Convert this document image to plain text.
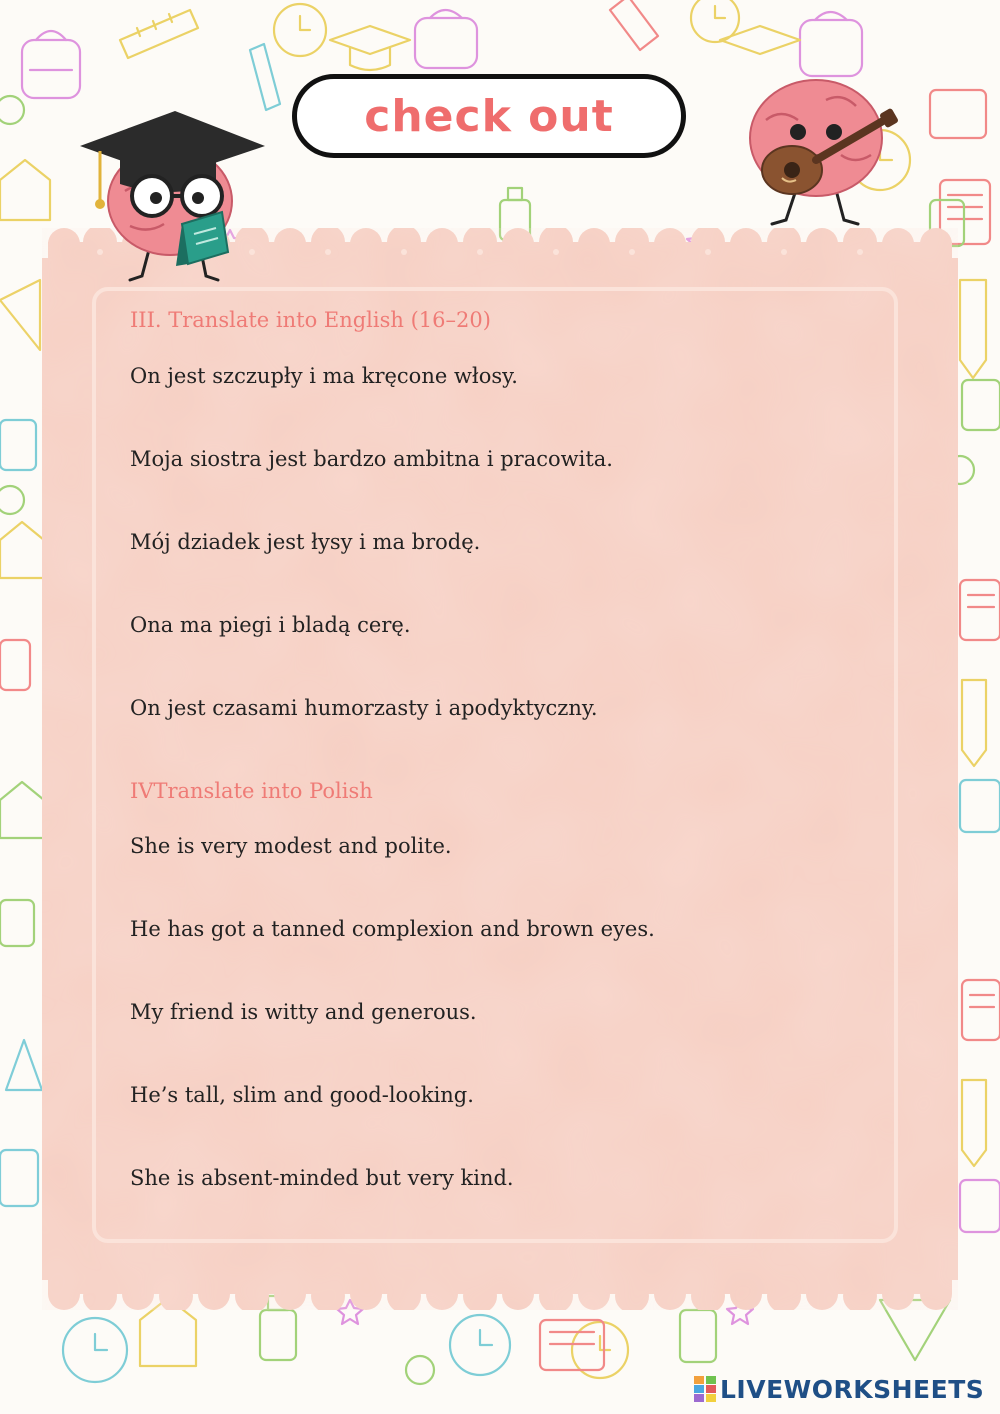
check out
III. Translate into English (16–20)
On jest szczupły i ma kręcone włosy.
Moja siostra jest bardzo ambitna i pracowita.
Mój dziadek jest łysy i ma brodę.
Ona ma piegi i bladą cerę.
On jest czasami humorzasty i apodyktyczny.
IVTranslate into Polish
She is very modest and polite.
He has got a tanned complexion and brown eyes.
My friend is witty and generous.
He’s tall, slim and good-looking.
She is absent-minded but very kind.
LIVEWORKSHEETS
